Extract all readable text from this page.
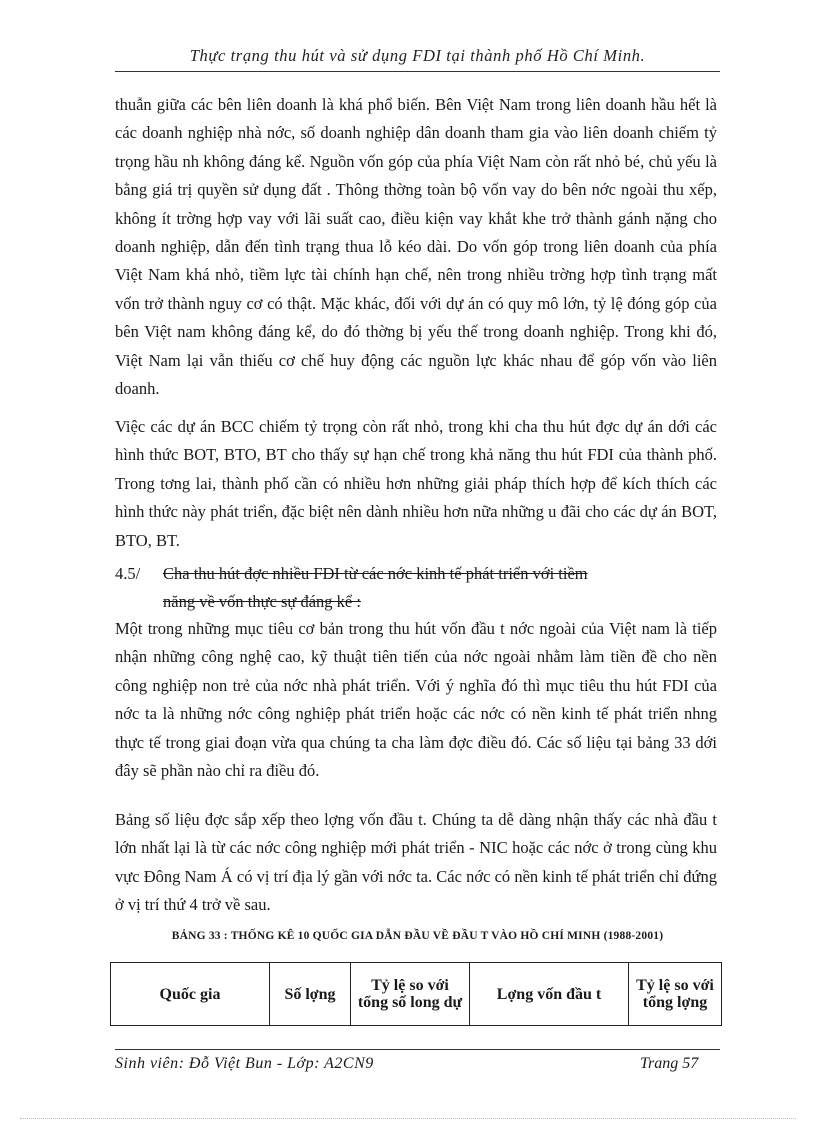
Thực trạng thu hút và sử dụng FDI tại thành phố Hồ Chí Minh.

thuẫn giữa các bên liên doanh là khá phổ biến. Bên Việt Nam trong liên doanh hầu hết là các doanh nghiệp nhà nớc, số doanh nghiệp dân doanh tham gia vào liên doanh chiếm tỷ trọng hầu nh không đáng kể. Nguồn vốn góp của phía Việt Nam còn rất nhỏ bé, chủ yếu là bằng giá trị quyền sử dụng đất . Thông thờng toàn bộ vốn vay do bên nớc ngoài thu xếp, không ít trờng hợp vay với lãi suất cao, điều kiện vay khắt khe trở thành gánh nặng cho doanh nghiệp, dẫn đến tình trạng thua lỗ kéo dài. Do vốn góp trong liên doanh của phía Việt Nam khá nhỏ, tiềm lực tài chính hạn chế, nên trong nhiều trờng hợp tình trạng mất vốn trở thành nguy cơ có thật. Mặc khác, đối với dự án có quy mô lớn, tỷ lệ đóng góp của bên Việt nam không đáng kể, do đó thờng bị yếu thế trong doanh nghiệp. Trong khi đó, Việt Nam lại vẫn thiếu cơ chế huy động các nguồn lực khác nhau để góp vốn vào liên doanh.

Việc các dự án BCC chiếm tỷ trọng còn rất nhỏ, trong khi cha thu hút đợc dự án dới các hình thức BOT, BTO, BT cho thấy sự hạn chế trong khả năng thu hút FDI của thành phố. Trong tơng lai, thành phố cần có nhiều hơn những giải pháp thích hợp để kích thích các hình thức này phát triển, đặc biệt nên dành nhiều hơn nữa những u đãi cho các dự án BOT, BTO, BT.

4.5/ Cha thu hút đợc nhiều FDI từ các nớc kinh tế phát triển với tiềm
năng về vốn thực sự đáng kể :

Một trong những mục tiêu cơ bản trong thu hút vốn đầu t nớc ngoài của Việt nam là tiếp nhận những công nghệ cao, kỹ thuật tiên tiến của nớc ngoài nhằm làm tiền đề cho nền công nghiệp non trẻ của nớc nhà phát triển. Với ý nghĩa đó thì mục tiêu thu hút FDI của nớc ta là những nớc công nghiệp phát triển hoặc các nớc có nền kinh tế phát triển nhng thực tế trong giai đoạn vừa qua chúng ta cha làm đợc điều đó. Các số liệu tại bảng 33 dới đây sẽ phần nào chỉ ra điều đó.

Bảng số liệu đợc sắp xếp theo lợng vốn đầu t. Chúng ta dễ dàng nhận thấy các nhà đầu t lớn nhất lại là từ các nớc công nghiệp mới phát triển - NIC hoặc các nớc ở trong cùng khu vực Đông Nam Á có vị trí địa lý gần với nớc ta. Các nớc có nền kinh tế phát triển chỉ đứng ở vị trí thứ 4 trở về sau.

BẢNG 33 : THỐNG KÊ 10 QUỐC GIA DẪN ĐẦU VỀ ĐẦU T VÀO HỒ CHÍ MINH (1988-2001)
Quốc gia	Số lợng	Tỷ lệ so với tổng số long dự	Lợng vốn đầu t	Tỷ lệ so với tổng lợng
Sinh viên: Đỗ Việt Bun - Lớp: A2CN9	Trang 57
